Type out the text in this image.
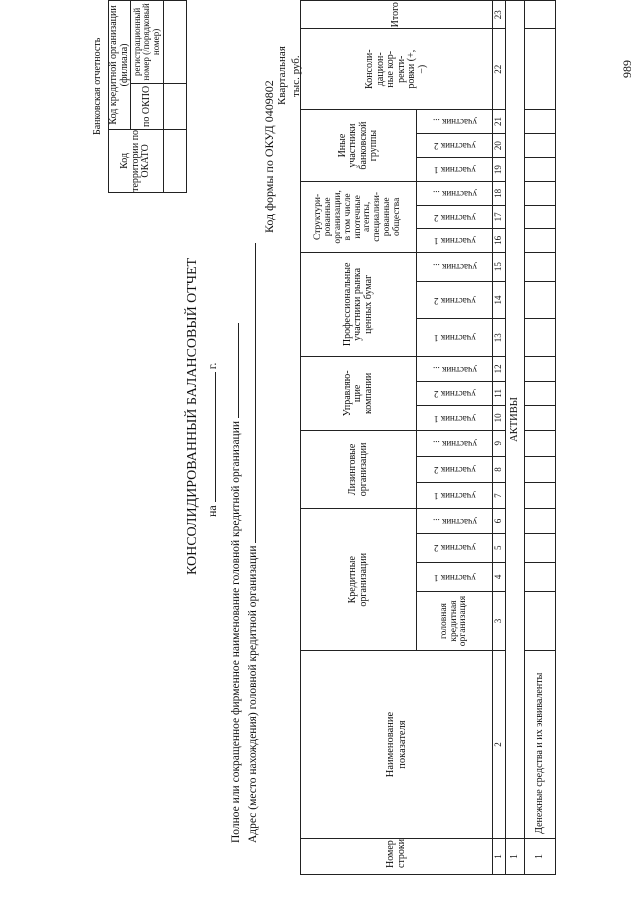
Банковская отчетность
Код территории по ОКАТО	Код кредитной организации (филиала)	
	по ОКПО	регистрационный номер (/порядковый номер)

КОНСОЛИДИРОВАННЫЙ БАЛАНСОВЫЙ ОТЧЕТ на  г.
Полное или сокращенное фирменное наименование головной кредитной организации Адрес (место нахождения) головной кредитной организации
Код формы по ОКУД 0409802
Квартальная тыс. руб.
Номер строки	Наименование показателя	Кредитные организации				Лизинговые организации			Управляю-щие компании			Профессиональные участники рынка ценных бумаг			Структури-рованные организации, в том числе ипотечные агенты, специализи-рованные общества			Иные участники банковской группы			Консоли-дацион-ные кор-ректи-ровки (+,−)	Итого
		головная кредитная организация	участник 1	участник 2	участник ...	участник 1	участник 2	участник ...	участник 1	участник 2	участник ...	участник 1	участник 2	участник ...	участник 1	участник 2	участник ...	участник 1	участник 2	участник ...		

1	2	3	4	5	6	7	8	9	10	11	12	13	14	15	16	17	18	19	20	21	22	23
1	АКТИВЫ																					
1	Денежные средства и их эквиваленты																					
989
